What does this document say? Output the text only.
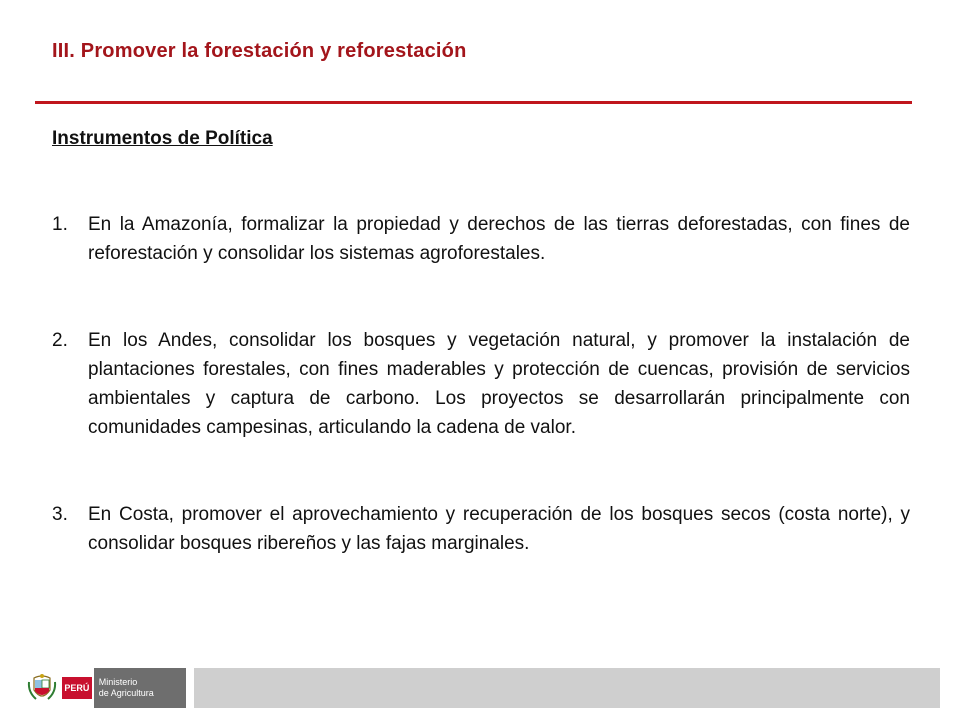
III. Promover la forestación y reforestación
Instrumentos de Política
1. En la Amazonía, formalizar la propiedad y derechos de las tierras deforestadas, con fines de reforestación y consolidar los sistemas agroforestales.
2. En los Andes, consolidar los bosques y vegetación natural, y promover la instalación de plantaciones forestales, con fines maderables y protección de cuencas, provisión de servicios ambientales y captura de carbono. Los proyectos se desarrollarán principalmente con comunidades campesinas, articulando la cadena de valor.
3. En Costa, promover el aprovechamiento y recuperación de los bosques secos (costa norte), y consolidar bosques ribereños y las fajas marginales.
PERÚ
Ministerio
de Agricultura
